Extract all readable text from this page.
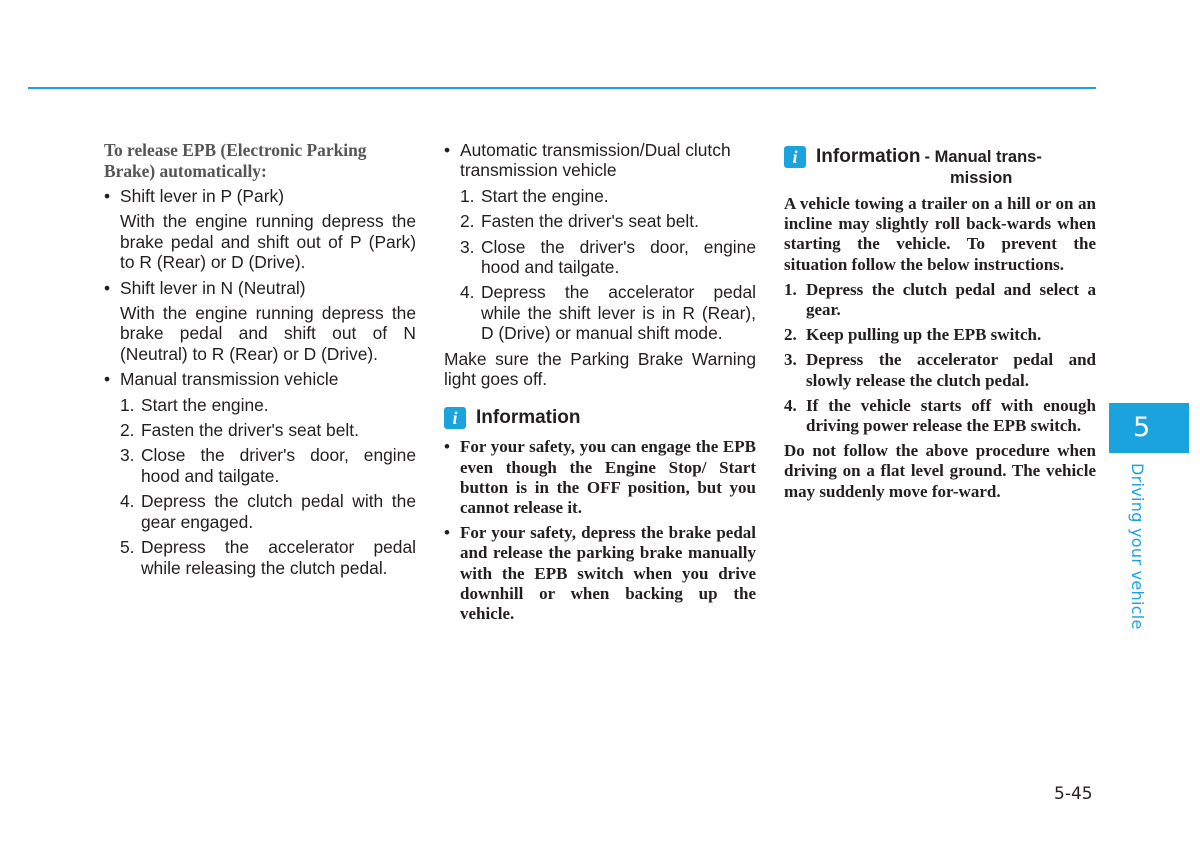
To release EPB (Electronic Parking Brake) automatically:
• Shift lever in P (Park)
With the engine running depress the brake pedal and shift out of P (Park) to R (Rear) or D (Drive).
• Shift lever in N (Neutral)
With the engine running depress the brake pedal and shift out of N (Neutral) to R (Rear) or D (Drive).
• Manual transmission vehicle
1. Start the engine.
2. Fasten the driver's seat belt.
3. Close the driver's door, engine hood and tailgate.
4. Depress the clutch pedal with the gear engaged.
5. Depress the accelerator pedal while releasing the clutch pedal.
• Automatic transmission/Dual clutch transmission vehicle
1. Start the engine.
2. Fasten the driver's seat belt.
3. Close the driver's door, engine hood and tailgate.
4. Depress the accelerator pedal while the shift lever is in R (Rear), D (Drive) or manual shift mode.
Make sure the Parking Brake Warning light goes off.
i Information
• For your safety, you can engage the EPB even though the Engine Stop/ Start button is in the OFF position, but you cannot release it.
• For your safety, depress the brake pedal and release the parking brake manually with the EPB switch when you drive downhill or when backing up the vehicle.
i Information - Manual trans-
mission
A vehicle towing a trailer on a hill or on an incline may slightly roll back-wards when starting the vehicle. To prevent the situation follow the below instructions.
1. Depress the clutch pedal and select a gear.
2. Keep pulling up the EPB switch.
3. Depress the accelerator pedal and slowly release the clutch pedal.
4. If the vehicle starts off with enough driving power release the EPB switch.
Do not follow the above procedure when driving on a flat level ground. The vehicle may suddenly move for-ward.
5
Driving your vehicle
5-45
